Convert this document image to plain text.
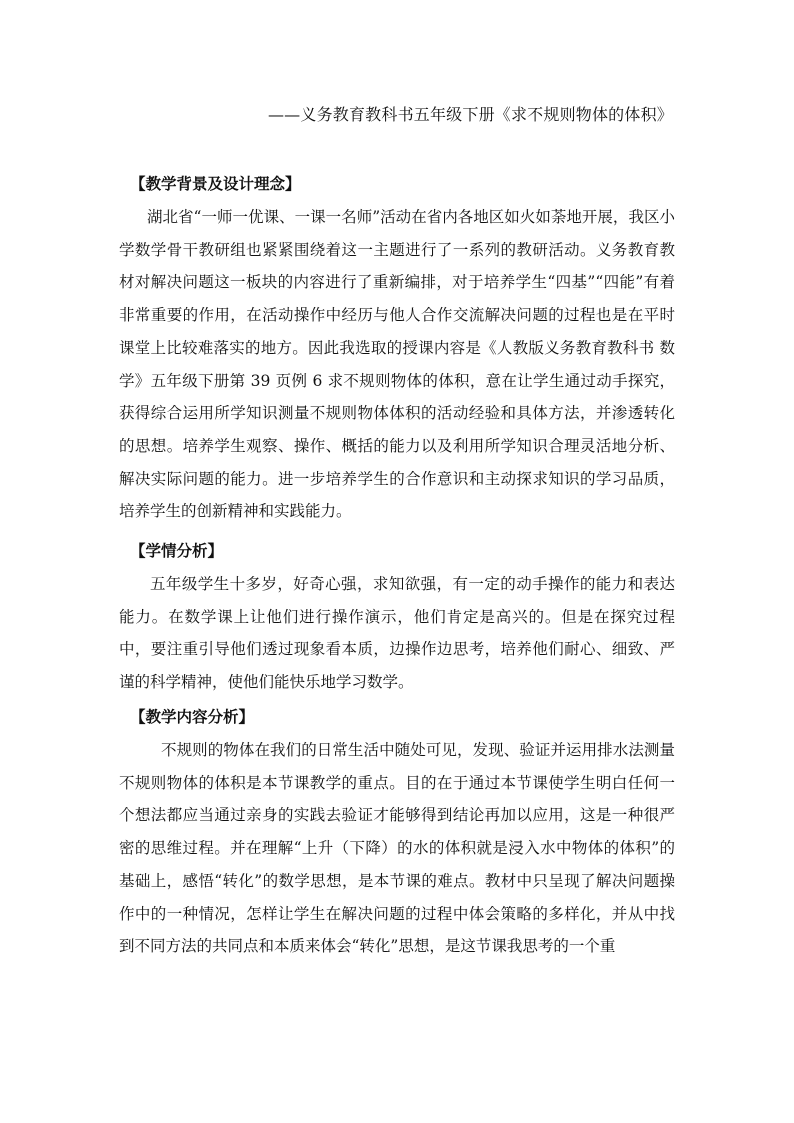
——义务教育教科书五年级下册《求不规则物体的体积》
【教学背景及设计理念】

湖北省“一师一优课、一课一名师”活动在省内各地区如火如荼地开展，我区小学数学骨干教研组也紧紧围绕着这一主题进行了一系列的教研活动。义务教育教材对解决问题这一板块的内容进行了重新编排，对于培养学生“四基”“四能”有着非常重要的作用，在活动操作中经历与他人合作交流解决问题的过程也是在平时课堂上比较难落实的地方。因此我选取的授课内容是《人教版义务教育教科书 数学》五年级下册第 39 页例 6 求不规则物体的体积，意在让学生通过动手探究，获得综合运用所学知识测量不规则物体体积的活动经验和具体方法，并渗透转化的思想。培养学生观察、操作、概括的能力以及利用所学知识合理灵活地分析、解决实际问题的能力。进一步培养学生的合作意识和主动探求知识的学习品质，培养学生的创新精神和实践能力。

【学情分析】

五年级学生十多岁，好奇心强，求知欲强，有一定的动手操作的能力和表达能力。在数学课上让他们进行操作演示，他们肯定是高兴的。但是在探究过程中，要注重引导他们透过现象看本质，边操作边思考，培养他们耐心、细致、严谨的科学精神，使他们能快乐地学习数学。

【教学内容分析】

不规则的物体在我们的日常生活中随处可见，发现、验证并运用排水法测量不规则物体的体积是本节课教学的重点。目的在于通过本节课使学生明白任何一个想法都应当通过亲身的实践去验证才能够得到结论再加以应用，这是一种很严密的思维过程。并在理解“上升（下降）的水的体积就是浸入水中物体的体积”的基础上，感悟“转化”的数学思想，是本节课的难点。教材中只呈现了解决问题操作中的一种情况，怎样让学生在解决问题的过程中体会策略的多样化，并从中找到不同方法的共同点和本质来体会“转化”思想，是这节课我思考的一个重
